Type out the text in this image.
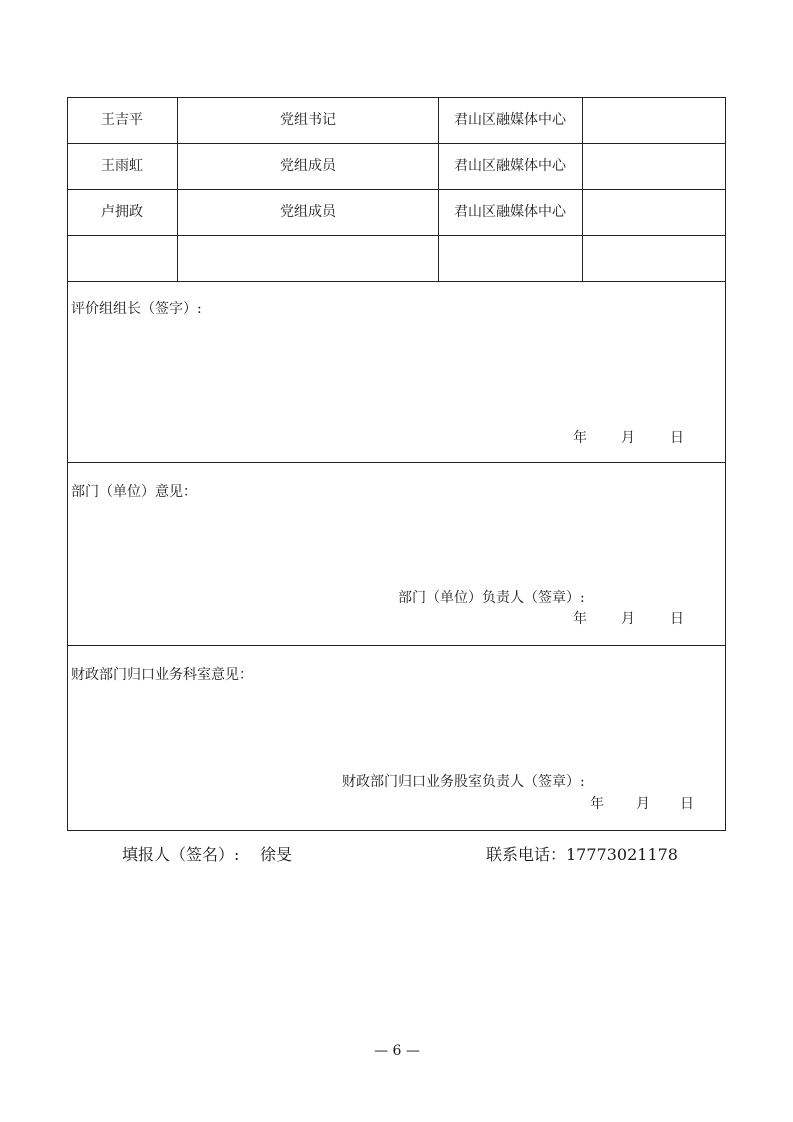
王吉平	党组书记	君山区融媒体中心
王雨虹	党组成员	君山区融媒体中心
卢拥政	党组成员	君山区融媒体中心
评价组组长（签字）:
年 月	日
部门（单位）意见：
部门（单位）负责人（签章）:
年 月	日
财政部门归口业务科室意见：
财政部门归口业务股室负责人（签章）:
年 月 日
填报人（签名）: 徐旻	联系电话： 17773021178
— 6 —
